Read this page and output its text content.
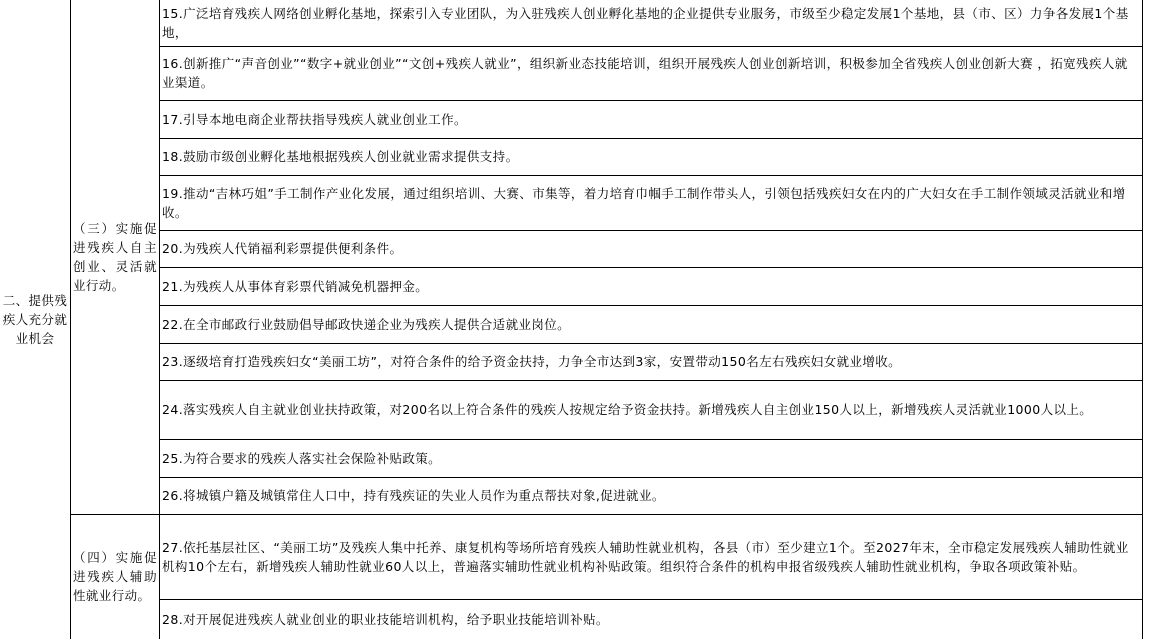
二、提供残疾人充分就业机会
（三）实施促进残疾人自主创业、灵活就业行动。
（四）实施促进残疾人辅助性就业行动。
15.广泛培育残疾人网络创业孵化基地，探索引入专业团队，为入驻残疾人创业孵化基地的企业提供专业服务，市级至少稳定发展1个基地，县（市、区）力争各发展1个基地，
16.创新推广“声音创业”“数字+就业创业”“文创+残疾人就业”，组织新业态技能培训，组织开展残疾人创业创新培训，积极参加全省残疾人创业创新大赛 ，拓宽残疾人就业渠道。
17.引导本地电商企业帮扶指导残疾人就业创业工作。
18.鼓励市级创业孵化基地根据残疾人创业就业需求提供支持。
19.推动“吉林巧姐”手工制作产业化发展，通过组织培训、大赛、市集等，着力培育巾帼手工制作带头人，引领包括残疾妇女在内的广大妇女在手工制作领域灵活就业和增收。
20.为残疾人代销福利彩票提供便利条件。
21.为残疾人从事体育彩票代销减免机器押金。
22.在全市邮政行业鼓励倡导邮政快递企业为残疾人提供合适就业岗位。
23.逐级培育打造残疾妇女“美丽工坊”，对符合条件的给予资金扶持，力争全市达到3家，安置带动150名左右残疾妇女就业增收。
24.落实残疾人自主就业创业扶持政策，对200名以上符合条件的残疾人按规定给予资金扶持。新增残疾人自主创业150人以上，新增残疾人灵活就业1000人以上。
25.为符合要求的残疾人落实社会保险补贴政策。
26.将城镇户籍及城镇常住人口中，持有残疾证的失业人员作为重点帮扶对象,促进就业。
27.依托基层社区、“美丽工坊”及残疾人集中托养、康复机构等场所培育残疾人辅助性就业机构，各县（市）至少建立1个。至2027年末，全市稳定发展残疾人辅助性就业机构10个左右，新增残疾人辅助性就业60人以上，普遍落实辅助性就业机构补贴政策。组织符合条件的机构申报省级残疾人辅助性就业机构，争取各项政策补贴。
28.对开展促进残疾人就业创业的职业技能培训机构，给予职业技能培训补贴。
